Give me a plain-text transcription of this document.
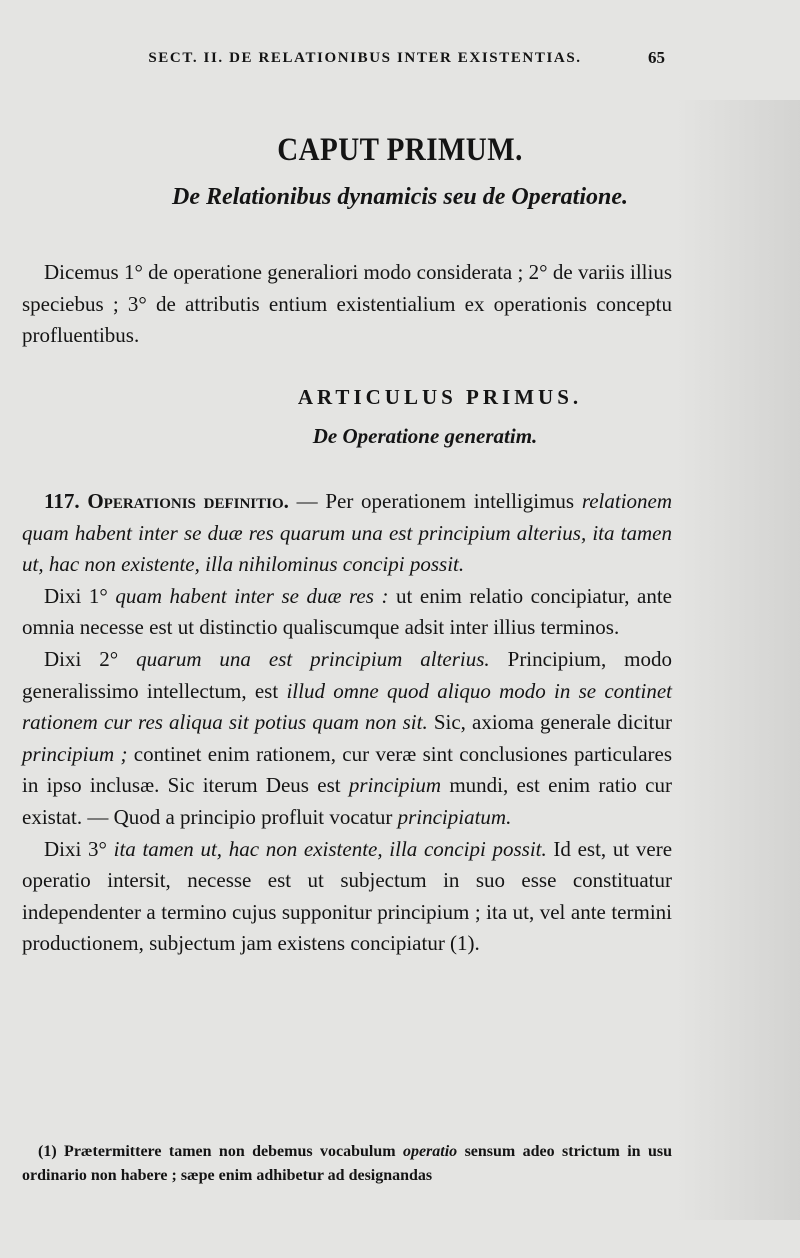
SECT. II. DE RELATIONIBUS INTER EXISTENTIAS.	65
CAPUT PRIMUM.
De Relationibus dynamicis seu de Operatione.

Dicemus 1° de operatione generaliori modo considerata ; 2° de variis illius speciebus ; 3° de attributis entium existentialium ex operationis conceptu profluentibus.

ARTICULUS PRIMUS.
De Operatione generatim.

117. Operationis definitio. — Per operationem intelligimus relationem quam habent inter se duæ res quarum una est principium alterius, ita tamen ut, hac non existente, illa nihilominus concipi possit.

Dixi 1° quam habent inter se duæ res : ut enim relatio concipiatur, ante omnia necesse est ut distinctio qualiscumque adsit inter illius terminos.

Dixi 2° quarum una est principium alterius. Principium, modo generalissimo intellectum, est illud omne quod aliquo modo in se continet rationem cur res aliqua sit potius quam non sit. Sic, axioma generale dicitur principium ; continet enim rationem, cur veræ sint conclusiones particulares in ipso inclusæ. Sic iterum Deus est principium mundi, est enim ratio cur existat. — Quod a principio profluit vocatur principiatum.

Dixi 3° ita tamen ut, hac non existente, illa concipi possit. Id est, ut vere operatio intersit, necesse est ut subjectum in suo esse constituatur independenter a termino cujus supponitur principium ; ita ut, vel ante termini productionem, subjectum jam existens concipiatur (1).

(1) Prætermittere tamen non debemus vocabulum operatio sensum adeo strictum in usu ordinario non habere ; sæpe enim adhibetur ad designandas
